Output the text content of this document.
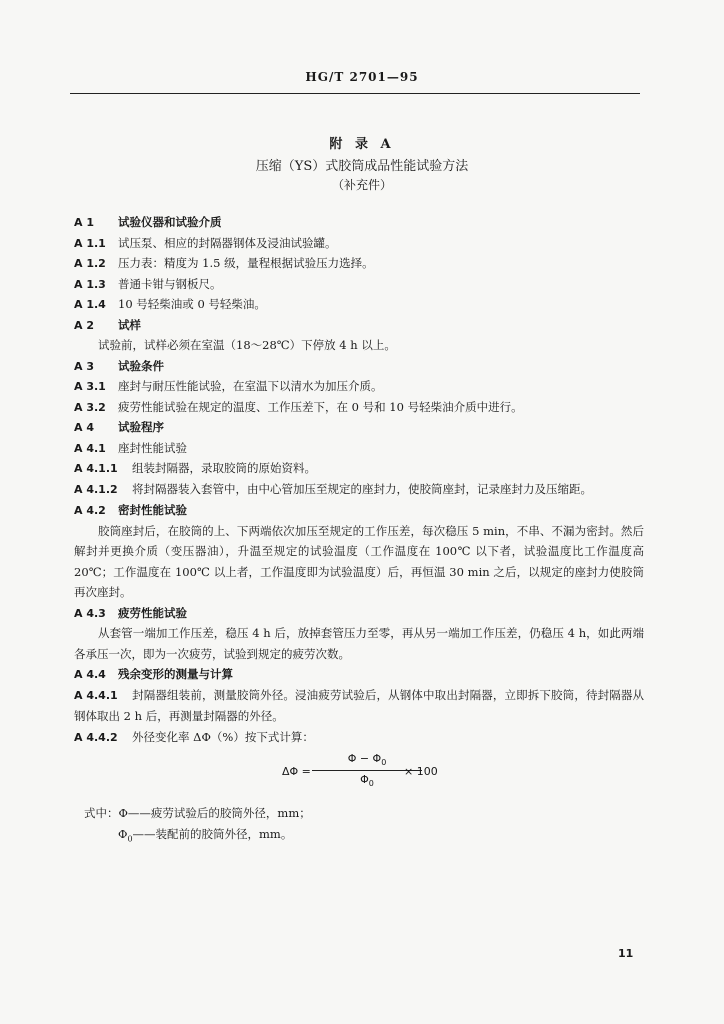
HG/T 2701—95
附 录 A
压缩（YS）式胶筒成品性能试验方法
（补充件）
A 1 试验仪器和试验介质
A 1.1 试压泵、相应的封隔器钢体及浸油试验罐。
A 1.2 压力表：精度为 1.5 级，量程根据试验压力选择。
A 1.3 普通卡钳与钢板尺。
A 1.4 10 号轻柴油或 0 号轻柴油。
A 2 试样
试验前，试样必须在室温（18～28℃）下停放 4 h 以上。
A 3 试验条件
A 3.1 座封与耐压性能试验，在室温下以清水为加压介质。
A 3.2 疲劳性能试验在规定的温度、工作压差下，在 0 号和 10 号轻柴油介质中进行。
A 4 试验程序
A 4.1 座封性能试验
A 4.1.1 组装封隔器，录取胶筒的原始资料。

A 4.1.2 将封隔器装入套管中，由中心管加压至规定的座封力，使胶筒座封，记录座封力及压缩距。

A 4.2 密封性能试验
胶筒座封后，在胶筒的上、下两端依次加压至规定的工作压差，每次稳压 5 min，不串、不漏为密封。然后解封并更换介质（变压器油），升温至规定的试验温度（工作温度在 100℃ 以下者，试验温度比工作温度高 20℃；工作温度在 100℃ 以上者，工作温度即为试验温度）后，再恒温 30 min 之后，以规定的座封力使胶筒再次座封。
A 4.3 疲劳性能试验
从套管一端加工作压差，稳压 4 h 后，放掉套管压力至零，再从另一端加工作压差，仍稳压 4 h，如此两端各承压一次，即为一次疲劳，试验到规定的疲劳次数。
A 4.4 残余变形的测量与计算

A 4.4.1 封隔器组装前，测量胶筒外径。浸油疲劳试验后，从钢体中取出封隔器，立即拆下胶筒，待封隔器从钢体取出 2 h 后，再测量封隔器的外径。

A 4.4.2 外径变化率 ΔΦ（%）按下式计算：
ΔΦ =
$\Phi - \Phi_0$
$\Phi_0$
× 100
式中：Φ——疲劳试验后的胶筒外径，mm；
$\Phi_0——$装配前的胶筒外径，mm。
11
